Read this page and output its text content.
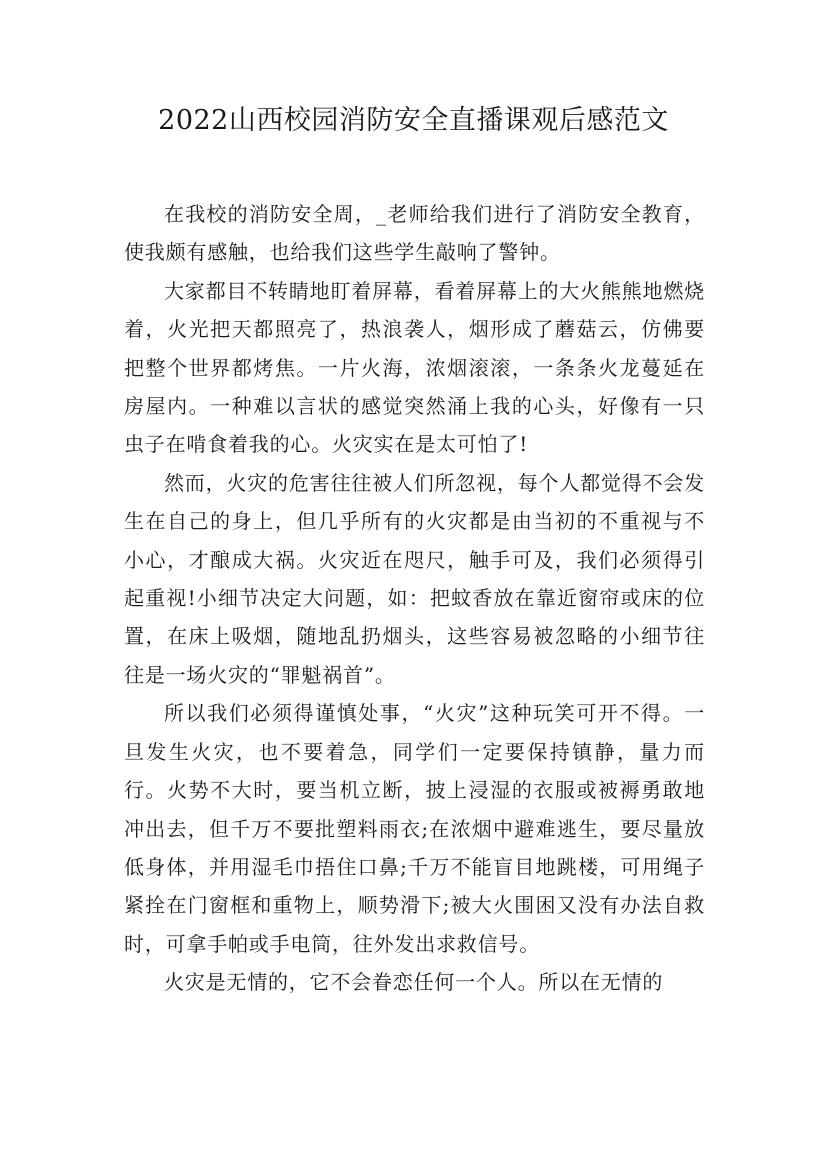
2022山西校园消防安全直播课观后感范文

在我校的消防安全周，_老师给我们进行了消防安全教育，使我颇有感触，也给我们这些学生敲响了警钟。

大家都目不转睛地盯着屏幕，看着屏幕上的大火熊熊地燃烧着，火光把天都照亮了，热浪袭人，烟形成了蘑菇云，仿佛要把整个世界都烤焦。一片火海，浓烟滚滚，一条条火龙蔓延在房屋内。一种难以言状的感觉突然涌上我的心头，好像有一只虫子在啃食着我的心。火灾实在是太可怕了!

然而，火灾的危害往往被人们所忽视，每个人都觉得不会发生在自己的身上，但几乎所有的火灾都是由当初的不重视与不小心，才酿成大祸。火灾近在咫尺，触手可及，我们必须得引起重视!小细节决定大问题，如：把蚊香放在靠近窗帘或床的位置，在床上吸烟，随地乱扔烟头，这些容易被忽略的小细节往往是一场火灾的“罪魁祸首”。

所以我们必须得谨慎处事，“火灾”这种玩笑可开不得。一旦发生火灾，也不要着急，同学们一定要保持镇静，量力而行。火势不大时，要当机立断，披上浸湿的衣服或被褥勇敢地冲出去，但千万不要批塑料雨衣;在浓烟中避难逃生，要尽量放低身体，并用湿毛巾捂住口鼻;千万不能盲目地跳楼，可用绳子紧拴在门窗框和重物上，顺势滑下;被大火围困又没有办法自救时，可拿手帕或手电筒，往外发出求救信号。

火灾是无情的，它不会眷恋任何一个人。所以在无情的
